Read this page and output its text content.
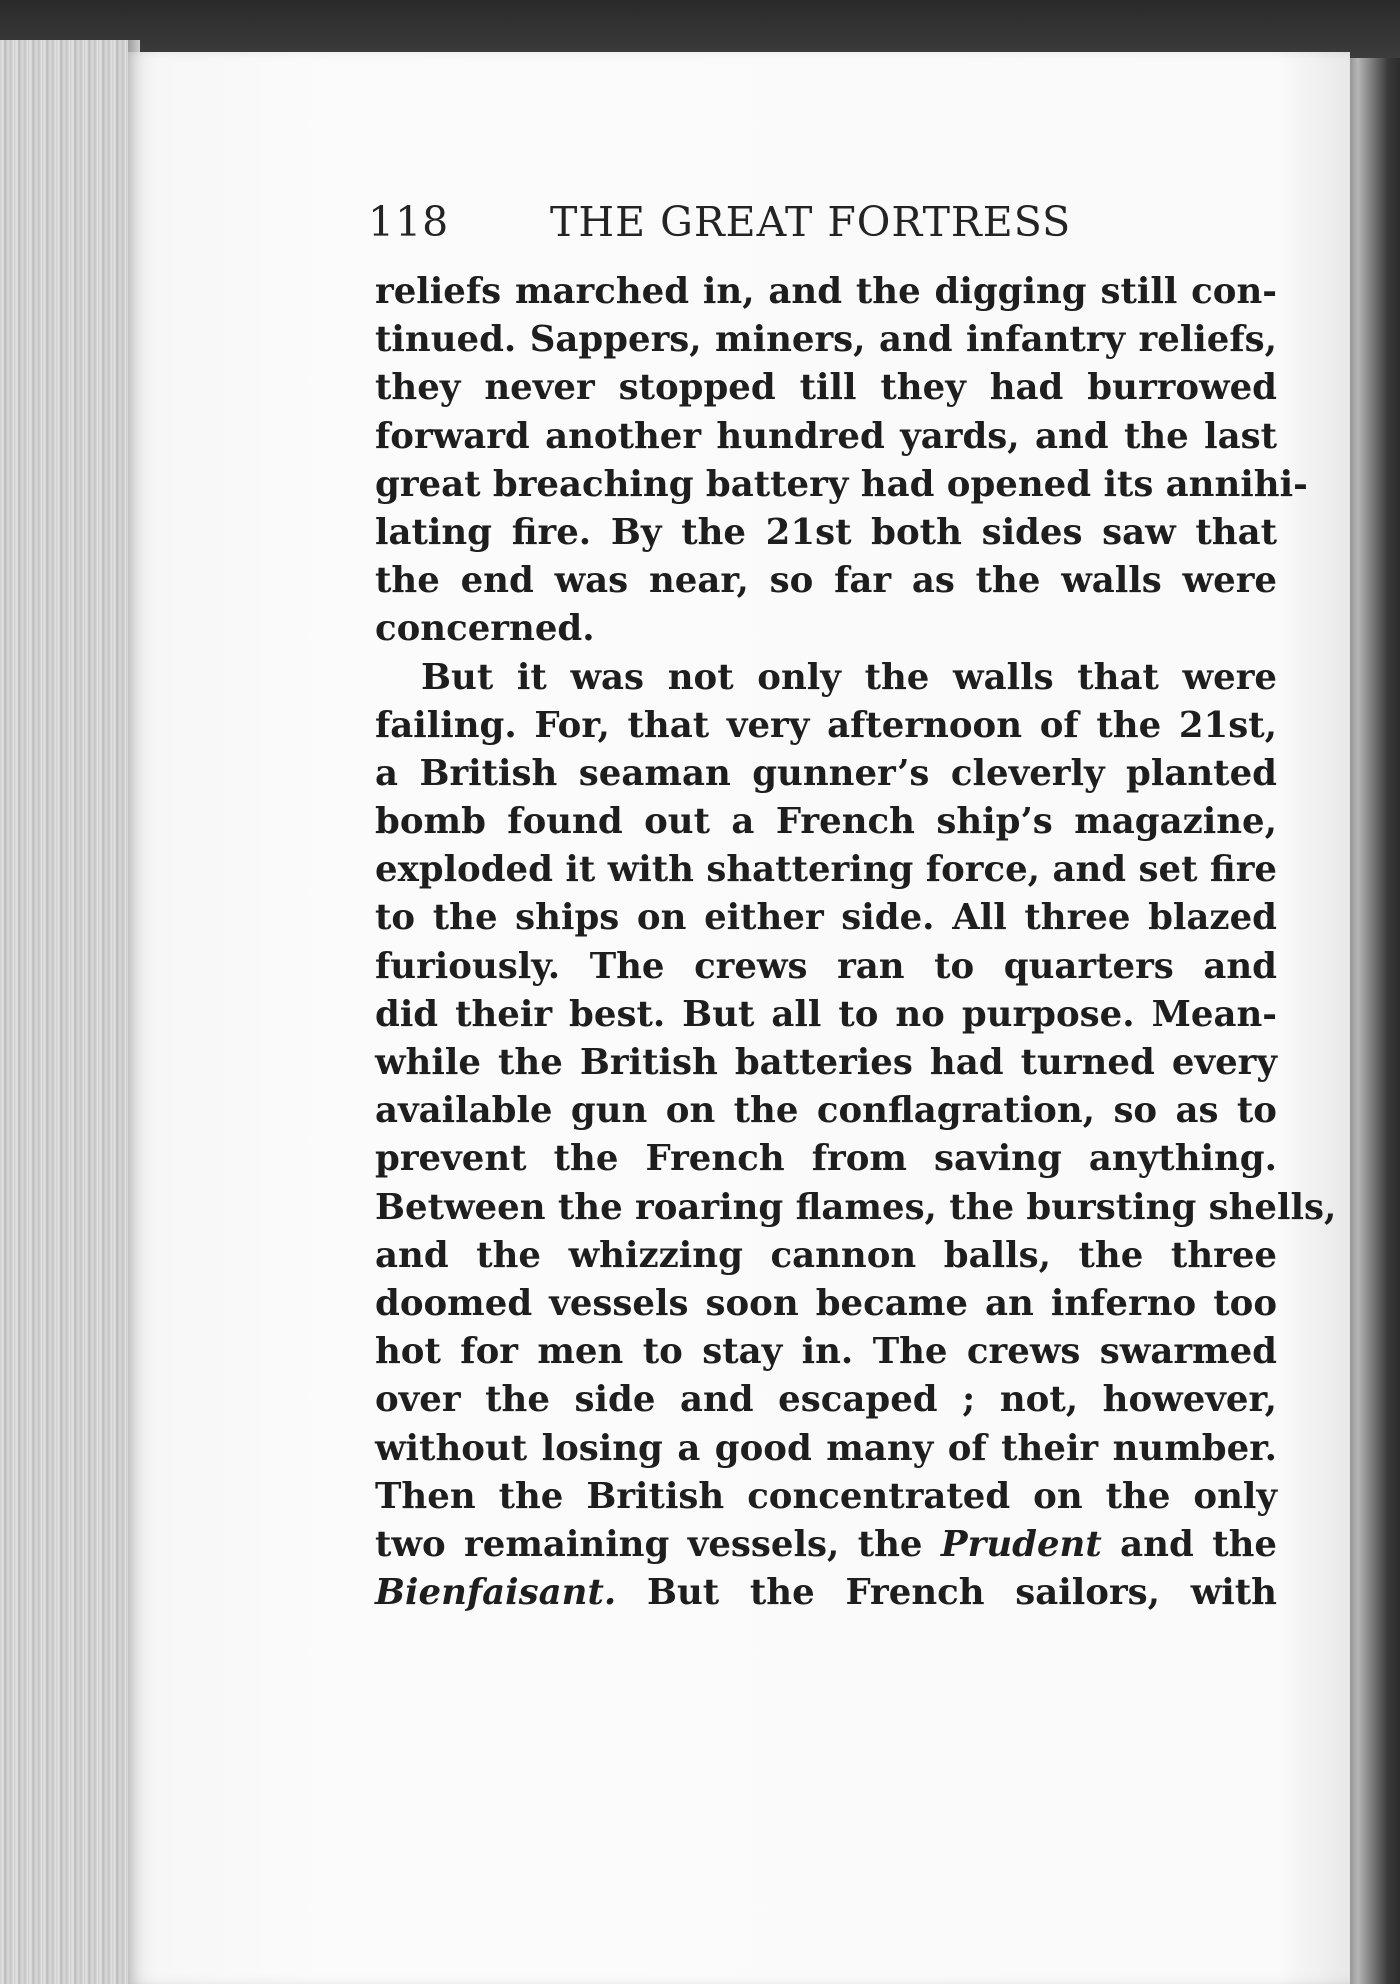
118 THE GREAT FORTRESS
reliefs marched in, and the digging still con-
tinued. Sappers, miners, and infantry reliefs,
they never stopped till they had burrowed
forward another hundred yards, and the last
great breaching battery had opened its annihi-
lating fire. By the 21st both sides saw that
the end was near, so far as the walls were
concerned.
But it was not only the walls that were
failing. For, that very afternoon of the 21st,
a British seaman gunner’s cleverly planted
bomb found out a French ship’s magazine,
exploded it with shattering force, and set fire
to the ships on either side. All three blazed
furiously. The crews ran to quarters and
did their best. But all to no purpose. Mean-
while the British batteries had turned every
available gun on the conflagration, so as to
prevent the French from saving anything.
Between the roaring flames, the bursting shells,
and the whizzing cannon balls, the three
doomed vessels soon became an inferno too
hot for men to stay in. The crews swarmed
over the side and escaped ; not, however,
without losing a good many of their number.
Then the British concentrated on the only
two remaining vessels, the Prudent and the
Bienfaisant. But the French sailors, with
